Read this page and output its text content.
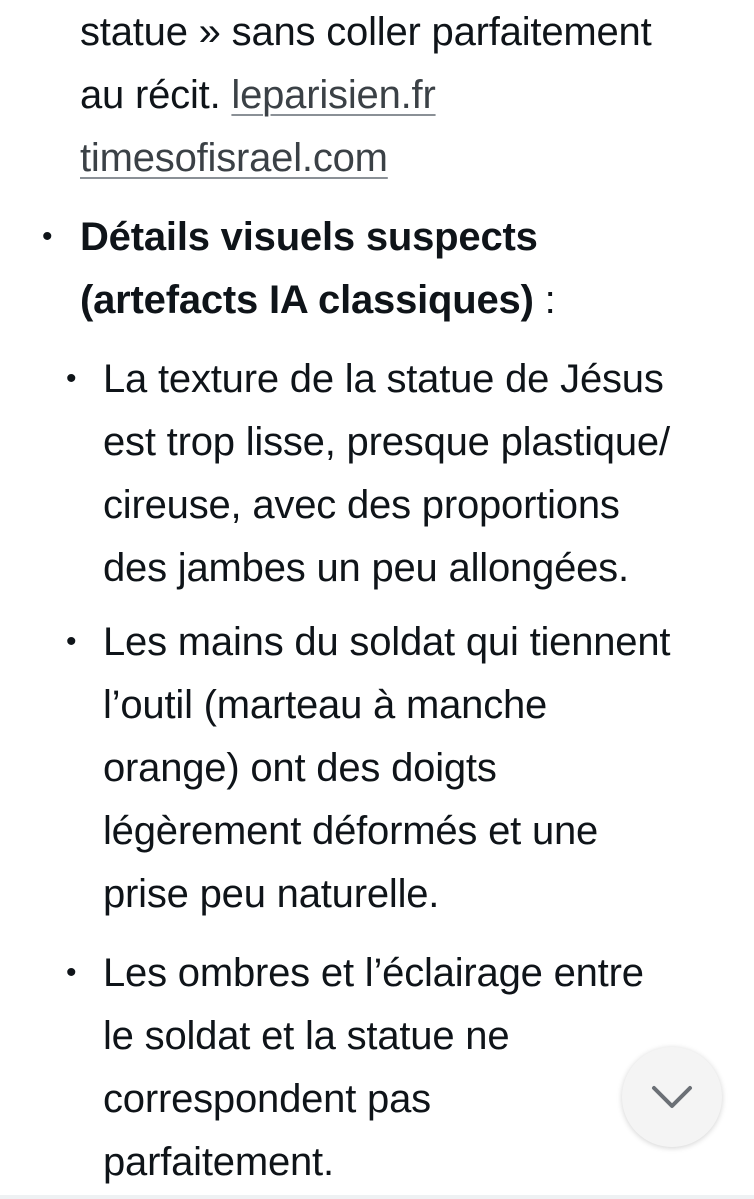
statue » sans coller parfaitement
au récit. leparisien.fr
timesofisrael.com
• Détails visuels suspects
(artefacts IA classiques) :
• La texture de la statue de Jésus
est trop lisse, presque plastique/
cireuse, avec des proportions
des jambes un peu allongées.
• Les mains du soldat qui tiennent
l’outil (marteau à manche
orange) ont des doigts
légèrement déformés et une
prise peu naturelle.
• Les ombres et l’éclairage entre
le soldat et la statue ne
correspondent pas
parfaitement.
